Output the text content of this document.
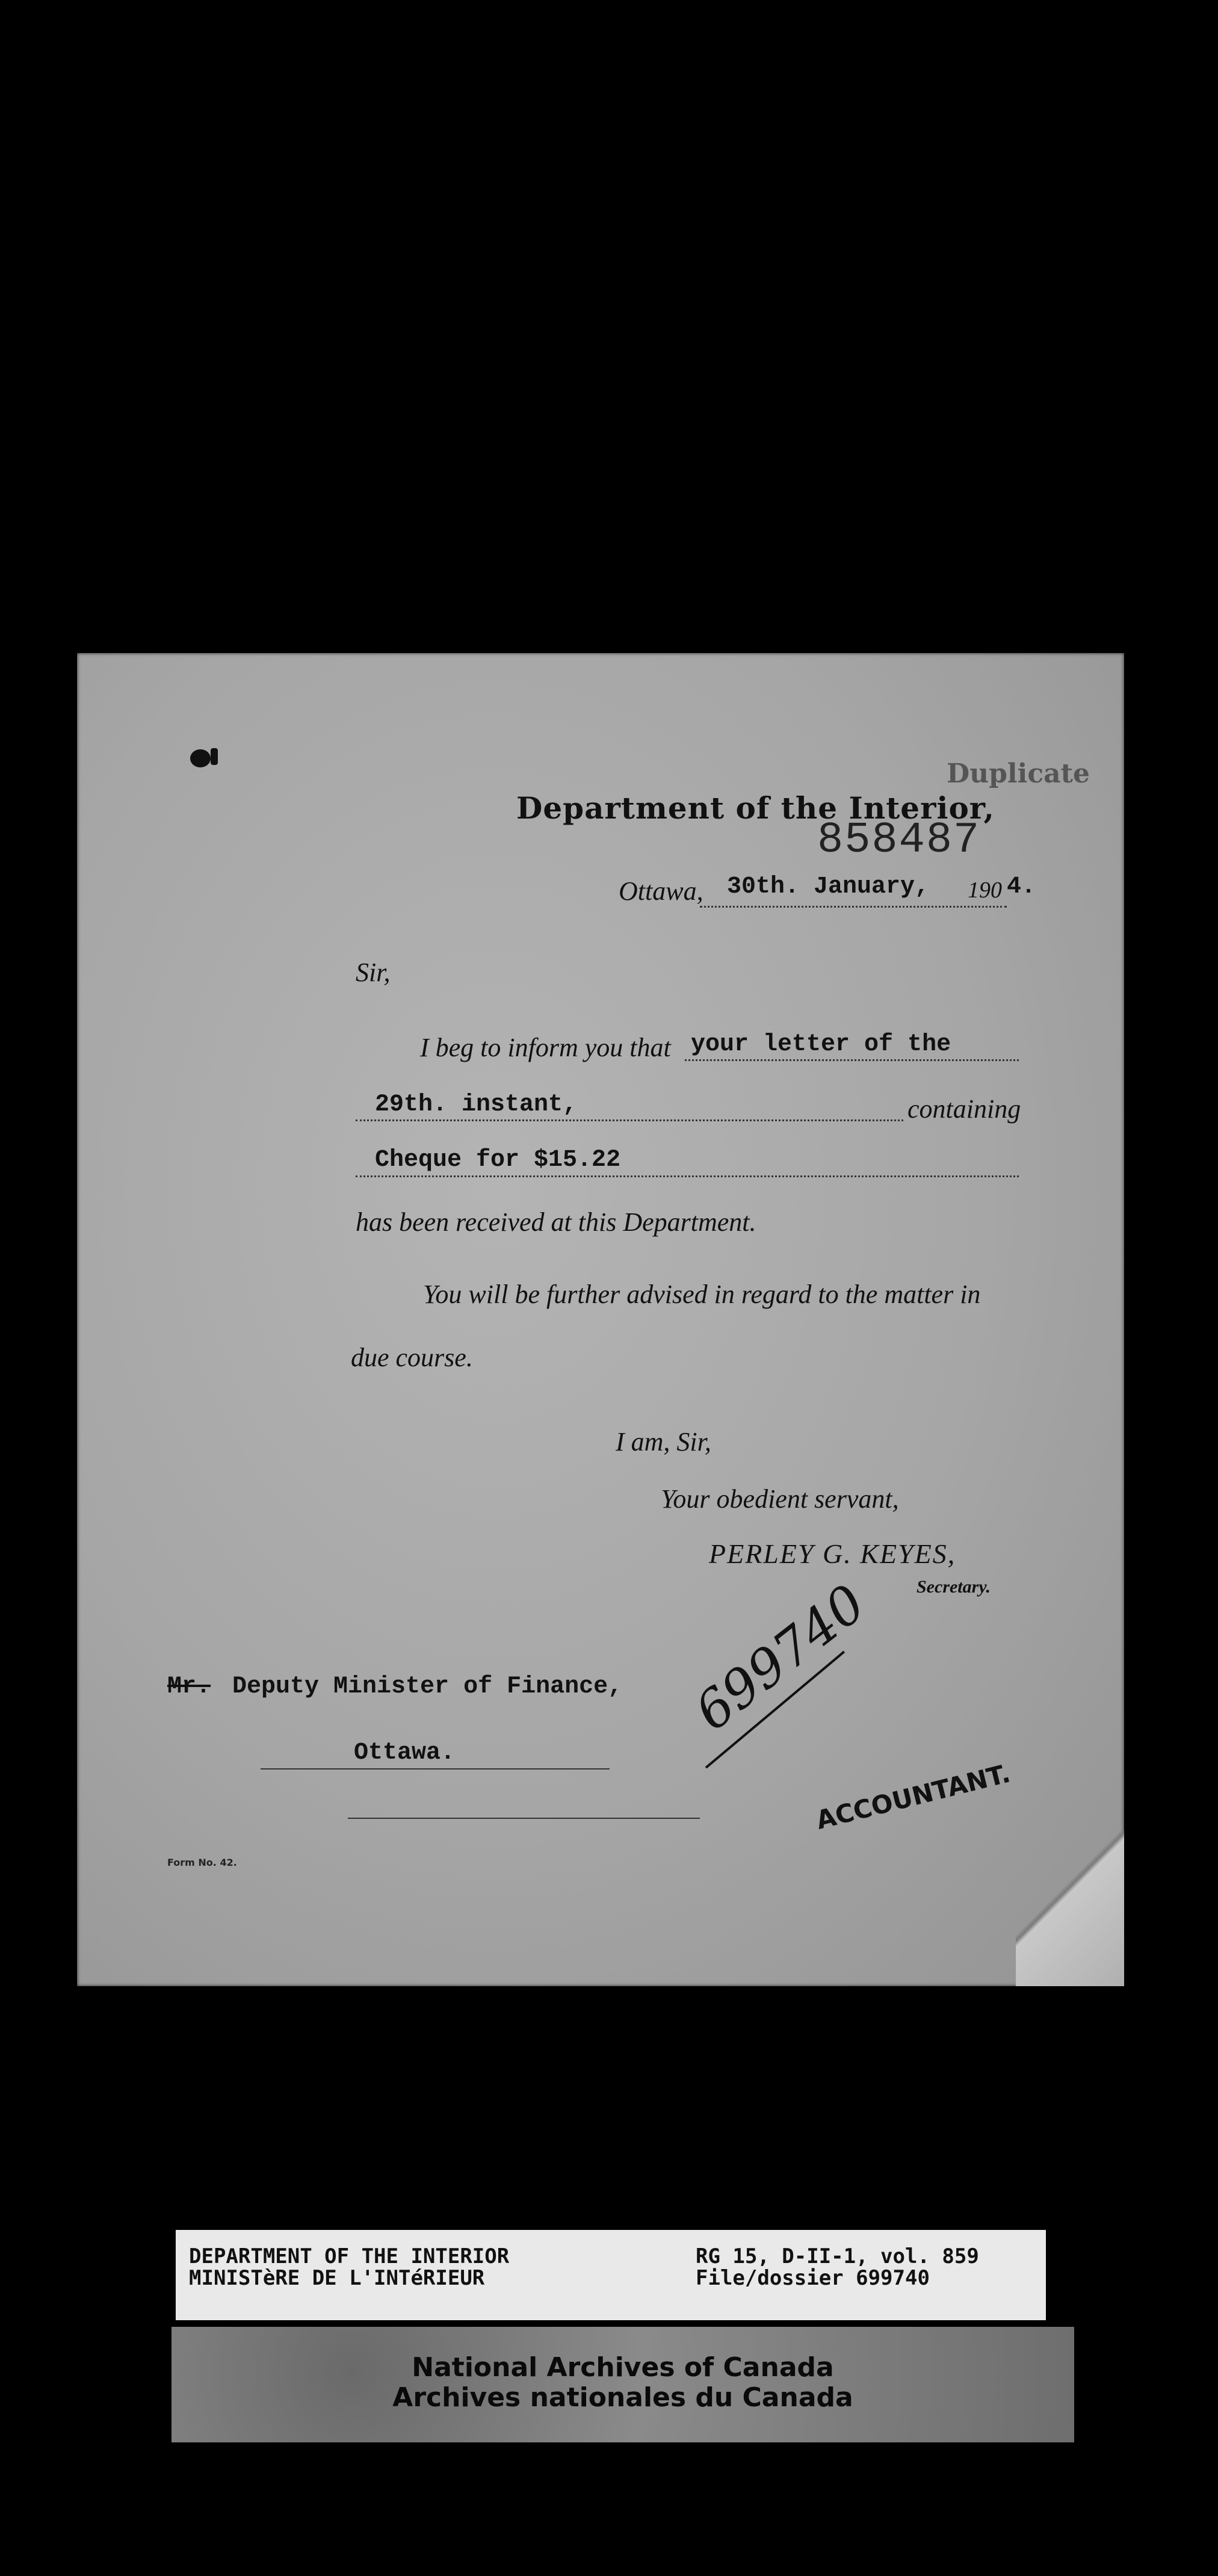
Duplicate
Department of the Interior,
858487
Ottawa, 30th. January, 190 4.
Sir,
I beg to inform you that your letter of the
29th. instant,	containing
Cheque for $15.22
has been received at this Department.
You will be further advised in regard to the matter in
due course.
I am, Sir,
Your obedient servant,
PERLEY G. KEYES,
Secretary.
Mr. Deputy Minister of Finance,
Ottawa.
Form No. 42.
699740
ACCOUNTANT.
DEPARTMENT OF THE INTERIOR
MINISTèRE DE L'INTéRIEUR
RG 15, D-II-1, vol. 859
File/dossier 699740
National Archives of Canada
Archives nationales du Canada
